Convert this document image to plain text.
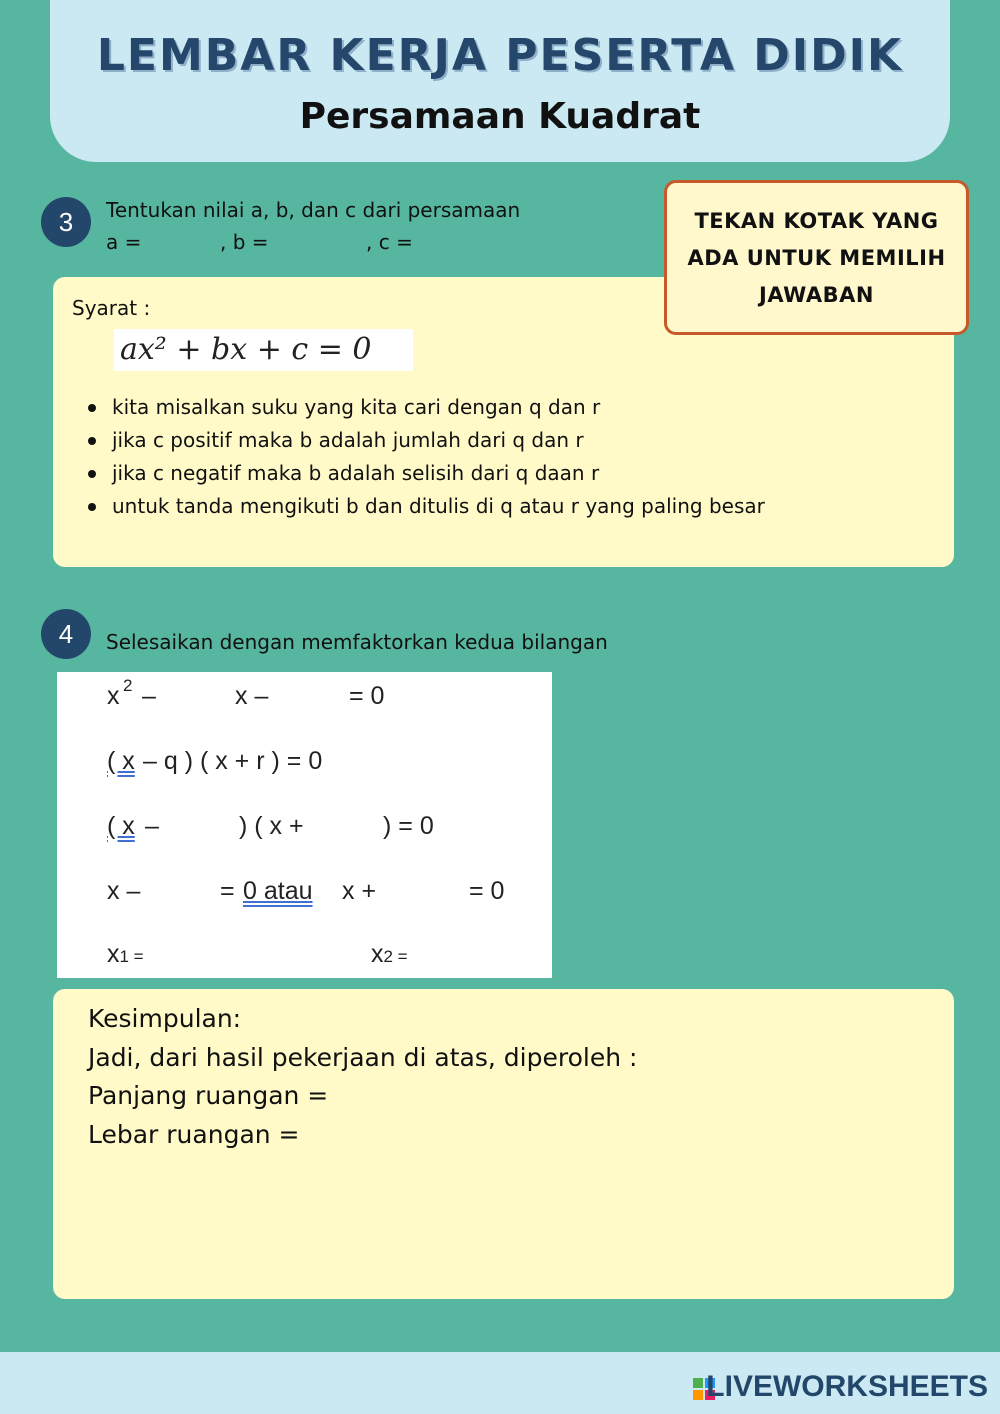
LEMBAR KERJA PESERTA DIDIK
Persamaan Kuadrat
3	Tentukan nilai a, b, dan c dari persamaan
a =	, b =	, c =
TEKAN KOTAK YANG
ADA UNTUK MEMILIH
JAWABAN
Syarat :
ax² + bx + c = 0
kita misalkan suku yang kita cari dengan q dan r
jika c positif maka b adalah jumlah dari q dan r
jika c negatif maka b adalah selisih dari q daan r
untuk tanda mengikuti b dan ditulis di q atau r yang paling besar
4	Selesaikan dengan memfaktorkan kedua bilangan
x $^2$ –	x –	= 0
( x – q ) ( x + r ) = 0
( x –	) ( x +	) = 0
x –	= 0 atau x +	= 0
x1 =	x2 =
Kesimpulan:
Jadi, dari hasil pekerjaan di atas, diperoleh :
Panjang ruangan =
Lebar ruangan =
LIVEWORKSHEETS
